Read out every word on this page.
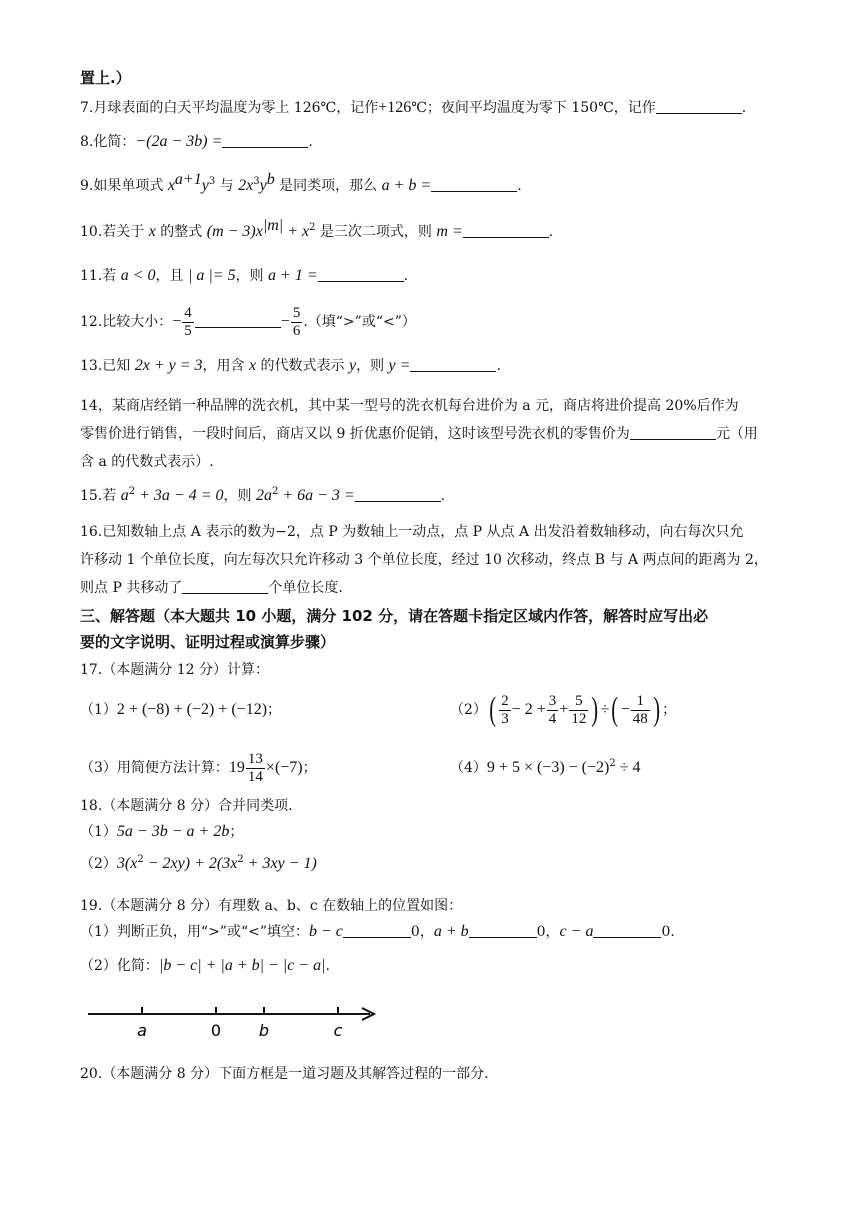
置上.）
7.月球表面的白天平均温度为零上 126℃，记作+126℃；夜间平均温度为零下 150℃，记作	.
8.化简：−(2a − 3b) =	.
9.如果单项式 $x^{a+1}y^3$ 与 $2x^3y^b$ 是同类项，那么 a + b =	.
10.若关于 x 的整式 $(m - 3)x^{|m|} + x^2$ 是三次二项式，则 m =	.
11.若 a < 0，且 | a |= 5，则 a + 1 =	.
12.比较大小：− $\frac{4}{5}$	− $\frac{5}{6}$ .（填“>”或“<”）
13.已知 2x + y = 3，用含 x 的代数式表示 y，则 y =	.
14，某商店经销一种品牌的洗衣机，其中某一型号的洗衣机每台进价为 a 元，商店将进价提高 20%后作为
零售价进行销售，一段时间后，商店又以 9 折优惠价促销，这时该型号洗衣机的零售价为	元（用
含 a 的代数式表示）.
15.若 $a^2 + 3a - 4 = 0$，则 $2a^2 + 6a - 3$ =	.
16.已知数轴上点 A 表示的数为−2，点 P 为数轴上一动点，点 P 从点 A 出发沿着数轴移动，向右每次只允
许移动 1 个单位长度，向左每次只允许移动 3 个单位长度，经过 10 次移动，终点 B 与 A 两点间的距离为 2，
则点 P 共移动了	个单位长度.
三、解答题（本大题共 10 小题，满分 102 分，请在答题卡指定区域内作答，解答时应写出必
要的文字说明、证明过程或演算步骤）
17.（本题满分 12 分）计算：
（1）2 + (−8) + (−2) + (−12)；	$(2)( \frac{2}{3} - 2 + \frac{3}{4} + \frac{5}{12}$ ) ÷( − $\frac{1}{48}$ ) ；
（3）用简便方法计算：$19 \frac{13}{14} \times(-7)$；	$(4)9 + 5 \times (-3) - (-2)^2 \div 4$
18.（本题满分 8 分）合并同类项.
（1）5a − 3b − a + 2b；
$(2)3(x^2 - 2xy) + 2(3x^2 + 3xy - 1)$
19.（本题满分 8 分）有理数 a、b、c 在数轴上的位置如图：
（1）判断正负，用“>”或“<”填空：b − c	0，a + b	0，c − a	0.
（2）化简：|b − c| + |a + b| − |c − a|.
a	0 b	c
20.（本题满分 8 分）下面方框是一道习题及其解答过程的一部分.
